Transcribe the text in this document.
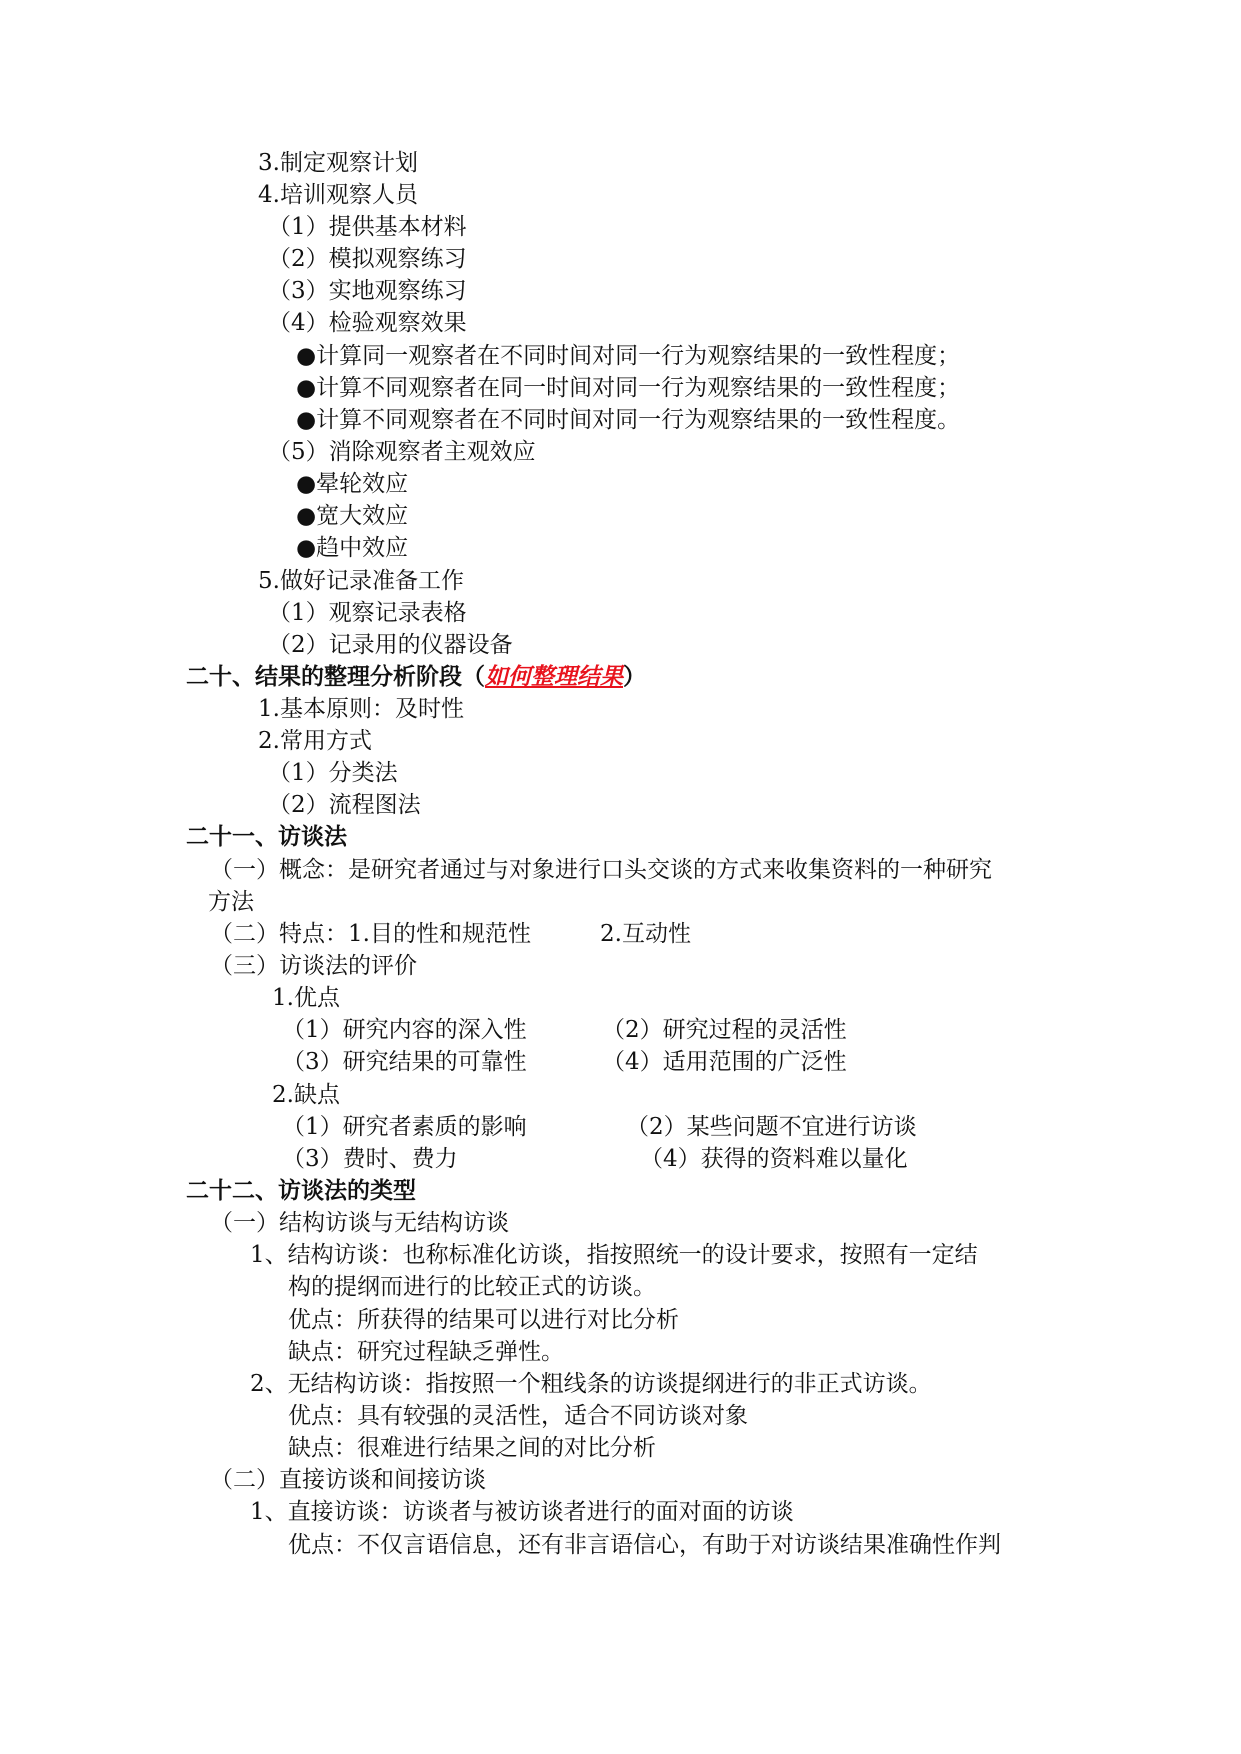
3.制定观察计划
4.培训观察人员
（1）提供基本材料
（2）模拟观察练习
（3）实地观察练习
（4）检验观察效果
●计算同一观察者在不同时间对同一行为观察结果的一致性程度；
●计算不同观察者在同一时间对同一行为观察结果的一致性程度；
●计算不同观察者在不同时间对同一行为观察结果的一致性程度。
（5）消除观察者主观效应
●晕轮效应
●宽大效应
●趋中效应
5.做好记录准备工作
（1）观察记录表格
（2）记录用的仪器设备
二十、结果的整理分析阶段（如何整理结果）
1.基本原则：及时性
2.常用方式
（1）分类法
（2）流程图法
二十一、访谈法
（一）概念：是研究者通过与对象进行口头交谈的方式来收集资料的一种研究
方法
（二）特点：1.目的性和规范性	2.互动性
（三）访谈法的评价
1.优点
（1）研究内容的深入性	（2）研究过程的灵活性
（3）研究结果的可靠性	（4）适用范围的广泛性
2.缺点
（1）研究者素质的影响	（2）某些问题不宜进行访谈
（3）费时、费力	（4）获得的资料难以量化
二十二、访谈法的类型
（一）结构访谈与无结构访谈
1、结构访谈：也称标准化访谈，指按照统一的设计要求，按照有一定结
构的提纲而进行的比较正式的访谈。
优点：所获得的结果可以进行对比分析
缺点：研究过程缺乏弹性。
2、无结构访谈：指按照一个粗线条的访谈提纲进行的非正式访谈。
优点：具有较强的灵活性，适合不同访谈对象
缺点：很难进行结果之间的对比分析
（二）直接访谈和间接访谈
1、直接访谈：访谈者与被访谈者进行的面对面的访谈
优点：不仅言语信息，还有非言语信心，有助于对访谈结果准确性作判
